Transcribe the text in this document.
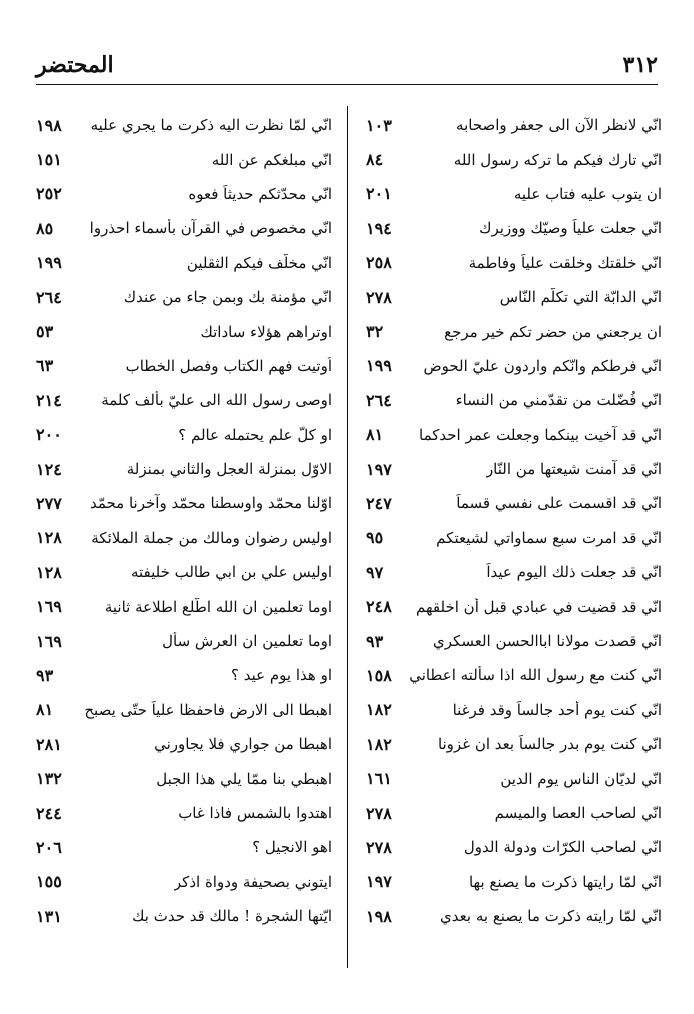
٣١٢
المحتضر
انّي لانظر الآن الى جعفر واصحابه
١٠٣
انّي تارك فيكم ما تركه رسول الله
٨٤
ان يتوب عليه فتاب عليه
٢٠١
انّي جعلت علياً وصيّك ووزيرك
١٩٤
انّي خلقتك وخلقت علياً وفاطمة
٢٥٨
انّي الدابّة التي تكلّم النّاس
٢٧٨
ان يرجعني من حضر تكم خير مرجع
٣٢
انّي فرطكم وانّكم واردون عليّ الحوض
١٩٩
انّي فُضّلت من تقدّمني من النساء
٢٦٤
انّي قد آخيت بينكما وجعلت عمر احدكما
٨١
انّي قد آمنت شيعتها من النّار
١٩٧
انّي قد اقسمت على نفسي قسماً
٢٤٧
انّي قد امرت سبع سماواتي لشيعتكم
٩٥
انّي قد جعلت ذلك اليوم عيداً
٩٧
انّي قد قضيت في عبادي قبل أن اخلقهم
٢٤٨
انّي قصدت مولانا اباالحسن العسكري
٩٣
انّي كنت مع رسول الله اذا سألته اعطاني
١٥٨
انّي كنت يوم أحد جالساً وقد فرغنا
١٨٢
انّي كنت يوم بدر جالساً بعد ان غزونا
١٨٢
انّي لديّان الناس يوم الدين
١٦١
انّي لصاحب العصا والميسم
٢٧٨
انّي لصاحب الكرّات ودولة الدول
٢٧٨
انّي لمّا رايتها ذكرت ما يصنع بها
١٩٧
انّي لمّا رايته ذكرت ما يصنع به بعدي
١٩٨
انّي لمّا نظرت اليه ذكرت ما يجري عليه
١٩٨
انّي مبلغكم عن الله
١٥١
انّي محدّثكم حديثاً فعوه
٢٥٢
انّي مخصوص في القرآن بأسماء احذروا
٨٥
انّي مخلّف فيكم الثقلين
١٩٩
انّي مؤمنة بك وبمن جاء من عندك
٢٦٤
اوتراهم هؤلاء ساداتك
٥٣
اُوتيت فهم الكتاب وفصل الخطاب
٦٣
اوصى رسول الله الى عليّ بألف كلمة
٢١٤
او كلّ علم يحتمله عالم ؟
٢٠٠
الاوّل بمنزلة العجل والثاني بمنزلة
١٢٤
اوّلنا محمّد واوسطنا محمّد وآخرنا محمّد
٢٧٧
اوليس رضوان ومالك من جملة الملائكة
١٢٨
اوليس علي بن ابي طالب خليفته
١٢٨
اوما تعلمين ان الله اطّلع اطلاعة ثانية
١٦٩
اوما تعلمين ان العرش سأل
١٦٩
او هذا يوم عيد ؟
٩٣
اهبطا الى الارض فاحفظا علياً حتّى يصبح
٨١
اهبطا من جواري فلا يجاورني
٢٨١
اهبطي بنا ممّا يلي هذا الجبل
١٣٢
اهتدوا بالشمس فاذا غاب
٢٤٤
اهو الانجيل ؟
٢٠٦
ايتوني بصحيفة ودواة اذكر
١٥٥
ايّتها الشجرة ! مالك قد حدث بك
١٣١
